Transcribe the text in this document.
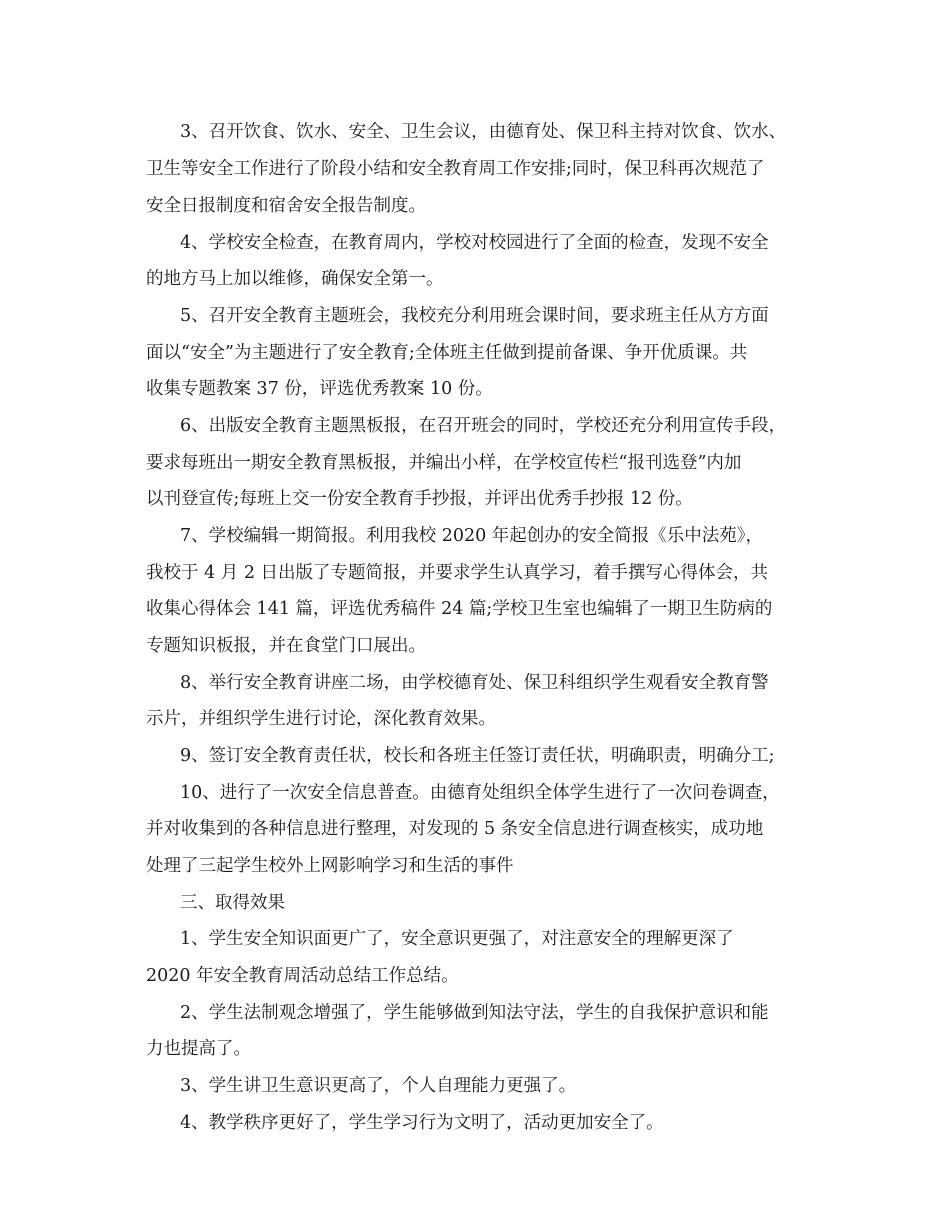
3、召开饮食、饮水、安全、卫生会议，由德育处、保卫科主持对饮食、饮水、
卫生等安全工作进行了阶段小结和安全教育周工作安排;同时，保卫科再次规范了
安全日报制度和宿舍安全报告制度。
4、学校安全检查，在教育周内，学校对校园进行了全面的检查，发现不安全
的地方马上加以维修，确保安全第一。
5、召开安全教育主题班会，我校充分利用班会课时间，要求班主任从方方面
面以“安全”为主题进行了安全教育;全体班主任做到提前备课、争开优质课。共
收集专题教案 37 份，评选优秀教案 10 份。
6、出版安全教育主题黑板报，在召开班会的同时，学校还充分利用宣传手段，
要求每班出一期安全教育黑板报，并编出小样，在学校宣传栏“报刊选登”内加
以刊登宣传;每班上交一份安全教育手抄报，并评出优秀手抄报 12 份。
7、学校编辑一期简报。利用我校 2020 年起创办的安全简报《乐中法苑》，
我校于 4 月 2 日出版了专题简报，并要求学生认真学习，着手撰写心得体会，共
收集心得体会 141 篇，评选优秀稿件 24 篇;学校卫生室也编辑了一期卫生防病的
专题知识板报，并在食堂门口展出。
8、举行安全教育讲座二场，由学校德育处、保卫科组织学生观看安全教育警
示片，并组织学生进行讨论，深化教育效果。
9、签订安全教育责任状，校长和各班主任签订责任状，明确职责，明确分工;
10、进行了一次安全信息普查。由德育处组织全体学生进行了一次问卷调查，
并对收集到的各种信息进行整理，对发现的 5 条安全信息进行调查核实，成功地
处理了三起学生校外上网影响学习和生活的事件
三、取得效果
1、学生安全知识面更广了，安全意识更强了，对注意安全的理解更深了
2020 年安全教育周活动总结工作总结。
2、学生法制观念增强了，学生能够做到知法守法，学生的自我保护意识和能
力也提高了。
3、学生讲卫生意识更高了，个人自理能力更强了。
4、教学秩序更好了，学生学习行为文明了，活动更加安全了。
